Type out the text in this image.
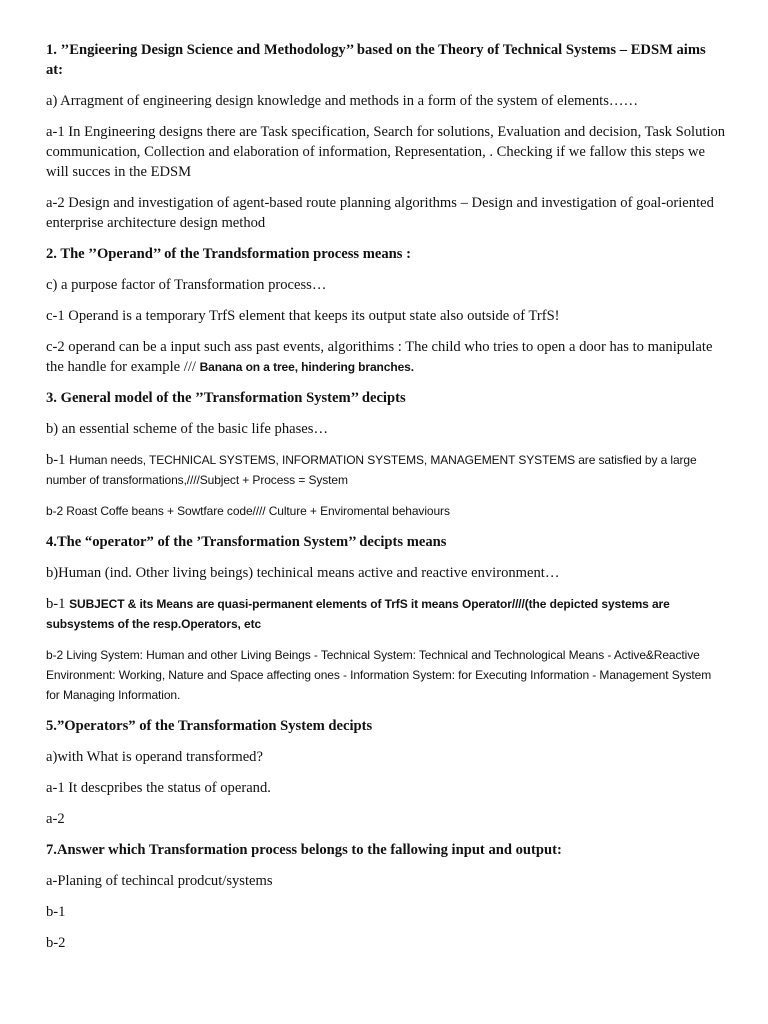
1. ’’Engieering Design Science and Methodology’’ based on the Theory of Technical Systems – EDSM aims at:

a) Arragment of engineering design knowledge and methods in a form of the system of elements……

a-1 In Engineering designs there are Task specification, Search for solutions, Evaluation and decision, Task Solution communication, Collection and elaboration of information, Representation, . Checking if we fallow this steps we will succes in the EDSM

a-2 Design and investigation of agent-based route planning algorithms – Design and investigation of goal-oriented enterprise architecture design method

2. The ’’Operand’’ of the Trandsformation process means :

c) a purpose factor of Transformation process…

c-1 Operand is a temporary TrfS element that keeps its output state also outside of TrfS!

c-2 operand can be a input such ass past events, algorithims : The child who tries to open a door has to manipulate the handle for example /// Banana on a tree, hindering branches.

3. General model of the ’’Transformation System’’ decipts

b) an essential scheme of the basic life phases…

b-1 Human needs, TECHNICAL SYSTEMS, INFORMATION SYSTEMS, MANAGEMENT SYSTEMS are satisfied by a large number of transformations,////Subject + Process = System

b-2 Roast Coffe beans + Sowtfare code//// Culture + Enviromental behaviours

4.The “operator” of the ’Transformation System’’ decipts means

b)Human (ind. Other living beings) techinical means active and reactive environment…

b-1 SUBJECT & its Means are quasi-permanent elements of TrfS it means Operator////(the depicted systems are subsystems of the resp.Operators, etc

b-2 Living System: Human and other Living Beings - Technical System: Technical and Technological Means - Active&Reactive Environment: Working, Nature and Space affecting ones - Information System: for Executing Information - Management System for Managing Information.

5.”Operators” of the Transformation System decipts

a)with What is operand transformed?

a-1 It descpribes the status of operand.

a-2

7.Answer which Transformation process belongs to the fallowing input and output:

a-Planing of techincal prodcut/systems

b-1

b-2
